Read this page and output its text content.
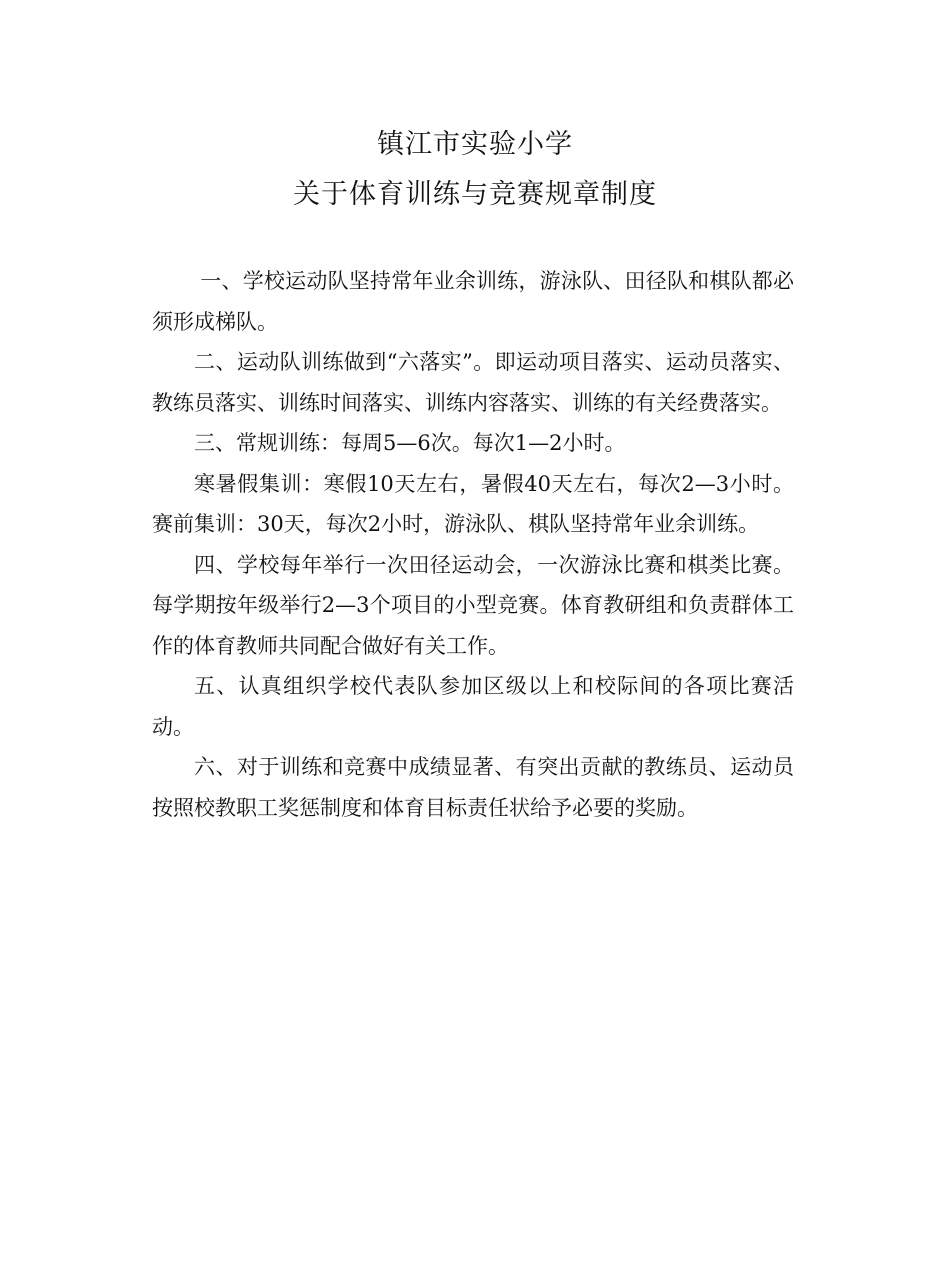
镇江市实验小学
关于体育训练与竞赛规章制度

一、学校运动队坚持常年业余训练，游泳队、田径队和棋队都必须形成梯队。

二、运动队训练做到“六落实”。即运动项目落实、运动员落实、教练员落实、训练时间落实、训练内容落实、训练的有关经费落实。

三、常规训练：每周5—6次。每次1—2小时。

寒暑假集训：寒假10天左右，暑假40天左右，每次2—3小时。赛前集训：30天，每次2小时，游泳队、棋队坚持常年业余训练。

四、学校每年举行一次田径运动会，一次游泳比赛和棋类比赛。每学期按年级举行2—3个项目的小型竞赛。体育教研组和负责群体工作的体育教师共同配合做好有关工作。

五、认真组织学校代表队参加区级以上和校际间的各项比赛活动。

六、对于训练和竞赛中成绩显著、有突出贡献的教练员、运动员按照校教职工奖惩制度和体育目标责任状给予必要的奖励。
